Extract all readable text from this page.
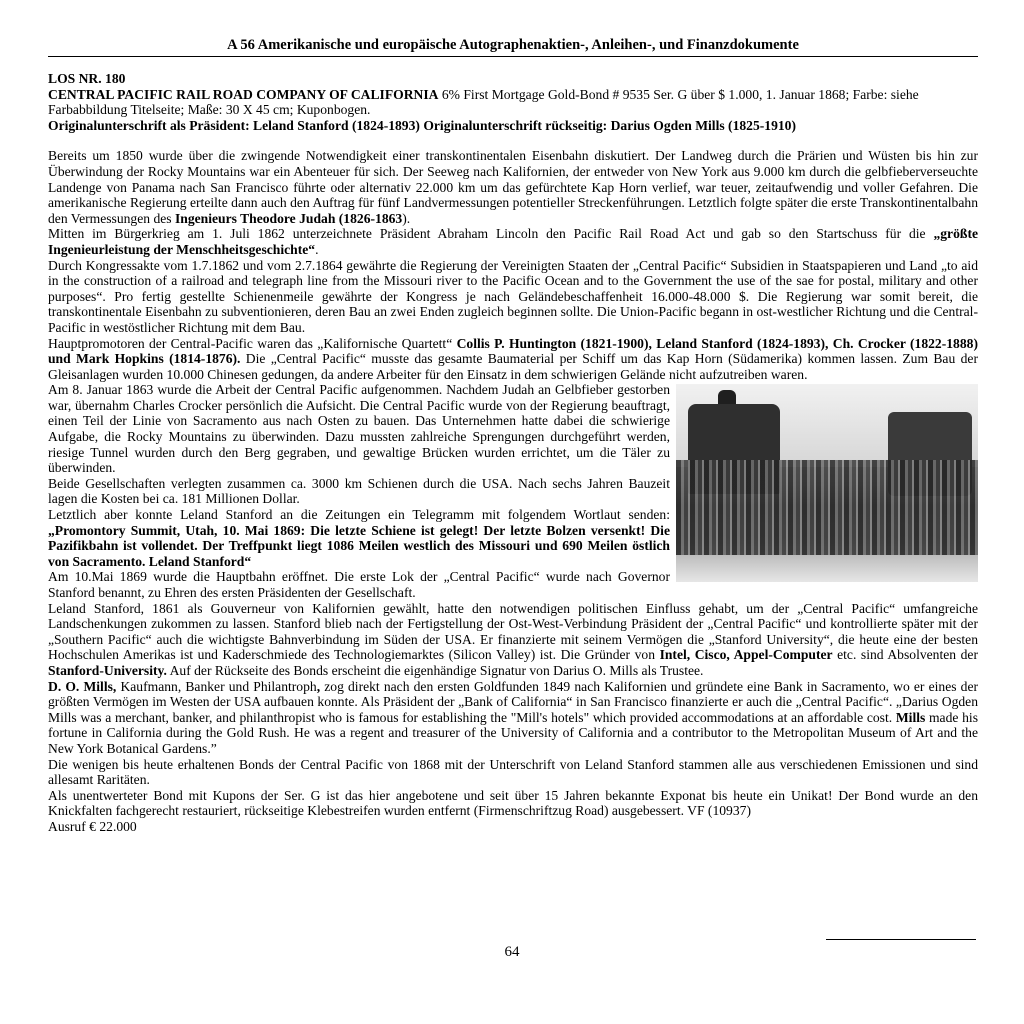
A 56 Amerikanische und europäische Autographenaktien-, Anleihen-, und Finanzdokumente

LOS NR. 180

CENTRAL PACIFIC RAIL ROAD COMPANY OF CALIFORNIA 6% First Mortgage Gold-Bond # 9535 Ser. G über $ 1.000, 1. Januar 1868; Farbe: siehe Farbabbildung Titelseite; Maße: 30 X 45 cm; Kuponbogen.

Originalunterschrift als Präsident: Leland Stanford (1824-1893) Originalunterschrift rückseitig: Darius Ogden Mills (1825-1910)

Bereits um 1850 wurde über die zwingende Notwendigkeit einer transkontinentalen Eisenbahn diskutiert. Der Landweg durch die Prärien und Wüsten bis hin zur Überwindung der Rocky Mountains war ein Abenteuer für sich. Der Seeweg nach Kalifornien, der entweder von New York aus 9.000 km durch die gelbfieberverseuchte Landenge von Panama nach San Francisco führte oder alternativ 22.000 km um das gefürchtete Kap Horn verlief, war teuer, zeitaufwendig und voller Gefahren. Die amerikanische Regierung erteilte dann auch den Auftrag für fünf Landvermessungen potentieller Streckenführungen. Letztlich folgte später die erste Transkontinentalbahn den Vermessungen des Ingenieurs Theodore Judah (1826-1863).

Mitten im Bürgerkrieg am 1. Juli 1862 unterzeichnete Präsident Abraham Lincoln den Pacific Rail Road Act und gab so den Startschuss für die „größte Ingenieurleistung der Menschheitsgeschichte“.

Durch Kongressakte vom 1.7.1862 und vom 2.7.1864 gewährte die Regierung der Vereinigten Staaten der „Central Pacific“ Subsidien in Staatspapieren und Land „to aid in the construction of a railroad and telegraph line from the Missouri river to the Pacific Ocean and to the Government the use of the sae for postal, military and other purposes“. Pro fertig gestellte Schienenmeile gewährte der Kongress je nach Geländebeschaffenheit 16.000-48.000 $. Die Regierung war somit bereit, die transkontinentale Eisenbahn zu subventionieren, deren Bau an zwei Enden zugleich beginnen sollte. Die Union-Pacific begann in ost-westlicher Richtung und die Central-Pacific in westöstlicher Richtung mit dem Bau.

Hauptpromotoren der Central-Pacific waren das „Kalifornische Quartett“ Collis P. Huntington (1821-1900), Leland Stanford (1824-1893), Ch. Crocker (1822-1888) und Mark Hopkins (1814-1876). Die „Central Pacific“ musste das gesamte Baumaterial per Schiff um das Kap Horn (Südamerika) kommen lassen. Zum Bau der Gleisanlagen wurden 10.000 Chinesen gedungen, da andere Arbeiter für den Einsatz in dem schwierigen Gelände nicht aufzutreiben waren.

Am 8. Januar 1863 wurde die Arbeit der Central Pacific aufgenommen. Nachdem Judah an Gelbfieber gestorben war, übernahm Charles Crocker persönlich die Aufsicht. Die Central Pacific wurde von der Regierung beauftragt, einen Teil der Linie von Sacramento aus nach Osten zu bauen. Das Unternehmen hatte dabei die schwierige Aufgabe, die Rocky Mountains zu überwinden. Dazu mussten zahlreiche Sprengungen durchgeführt werden, riesige Tunnel wurden durch den Berg gegraben, und gewaltige Brücken wurden errichtet, um die Täler zu überwinden.

Beide Gesellschaften verlegten zusammen ca. 3000 km Schienen durch die USA. Nach sechs Jahren Bauzeit lagen die Kosten bei ca. 181 Millionen Dollar.

Letztlich aber konnte Leland Stanford an die Zeitungen ein Telegramm mit folgendem Wortlaut senden: „Promontory Summit, Utah, 10. Mai 1869: Die letzte Schiene ist gelegt! Der letzte Bolzen versenkt! Die Pazifikbahn ist vollendet. Der Treffpunkt liegt 1086 Meilen westlich des Missouri und 690 Meilen östlich von Sacramento. Leland Stanford“

Am 10.Mai 1869 wurde die Hauptbahn eröffnet. Die erste Lok der „Central Pacific“ wurde nach Governor Stanford benannt, zu Ehren des ersten Präsidenten der Gesellschaft.

Leland Stanford, 1861 als Gouverneur von Kalifornien gewählt, hatte den notwendigen politischen Einfluss gehabt, um der „Central Pacific“ umfangreiche Landschenkungen zukommen zu lassen. Stanford blieb nach der Fertigstellung der Ost-West-Verbindung Präsident der „Central Pacific“ und kontrollierte später mit der „Southern Pacific“ auch die wichtigste Bahnverbindung im Süden der USA. Er finanzierte mit seinem Vermögen die „Stanford University“, die heute eine der besten Hochschulen Amerikas ist und Kaderschmiede des Technologiemarktes (Silicon Valley) ist. Die Gründer von Intel, Cisco, Appel-Computer etc. sind Absolventen der Stanford-University. Auf der Rückseite des Bonds erscheint die eigenhändige Signatur von Darius O. Mills als Trustee.

D. O. Mills, Kaufmann, Banker und Philantroph, zog direkt nach den ersten Goldfunden 1849 nach Kalifornien und gründete eine Bank in Sacramento, wo er eines der größten Vermögen im Westen der USA aufbauen konnte. Als Präsident der „Bank of California“ in San Francisco finanzierte er auch die „Central Pacific“. „Darius Ogden Mills was a merchant, banker, and philanthropist who is famous for establishing the "Mill's hotels" which provided accommodations at an affordable cost. Mills made his fortune in California during the Gold Rush. He was a regent and treasurer of the University of California and a contributor to the Metropolitan Museum of Art and the New York Botanical Gardens.”

Die wenigen bis heute erhaltenen Bonds der Central Pacific von 1868 mit der Unterschrift von Leland Stanford stammen alle aus verschiedenen Emissionen und sind allesamt Raritäten.

Als unentwerteter Bond mit Kupons der Ser. G ist das hier angebotene und seit über 15 Jahren bekannte Exponat bis heute ein Unikat! Der Bond wurde an den Knickfalten fachgerecht restauriert, rückseitige Klebestreifen wurden entfernt (Firmenschriftzug Road) ausgebessert. VF (10937)

Ausruf € 22.000

64
